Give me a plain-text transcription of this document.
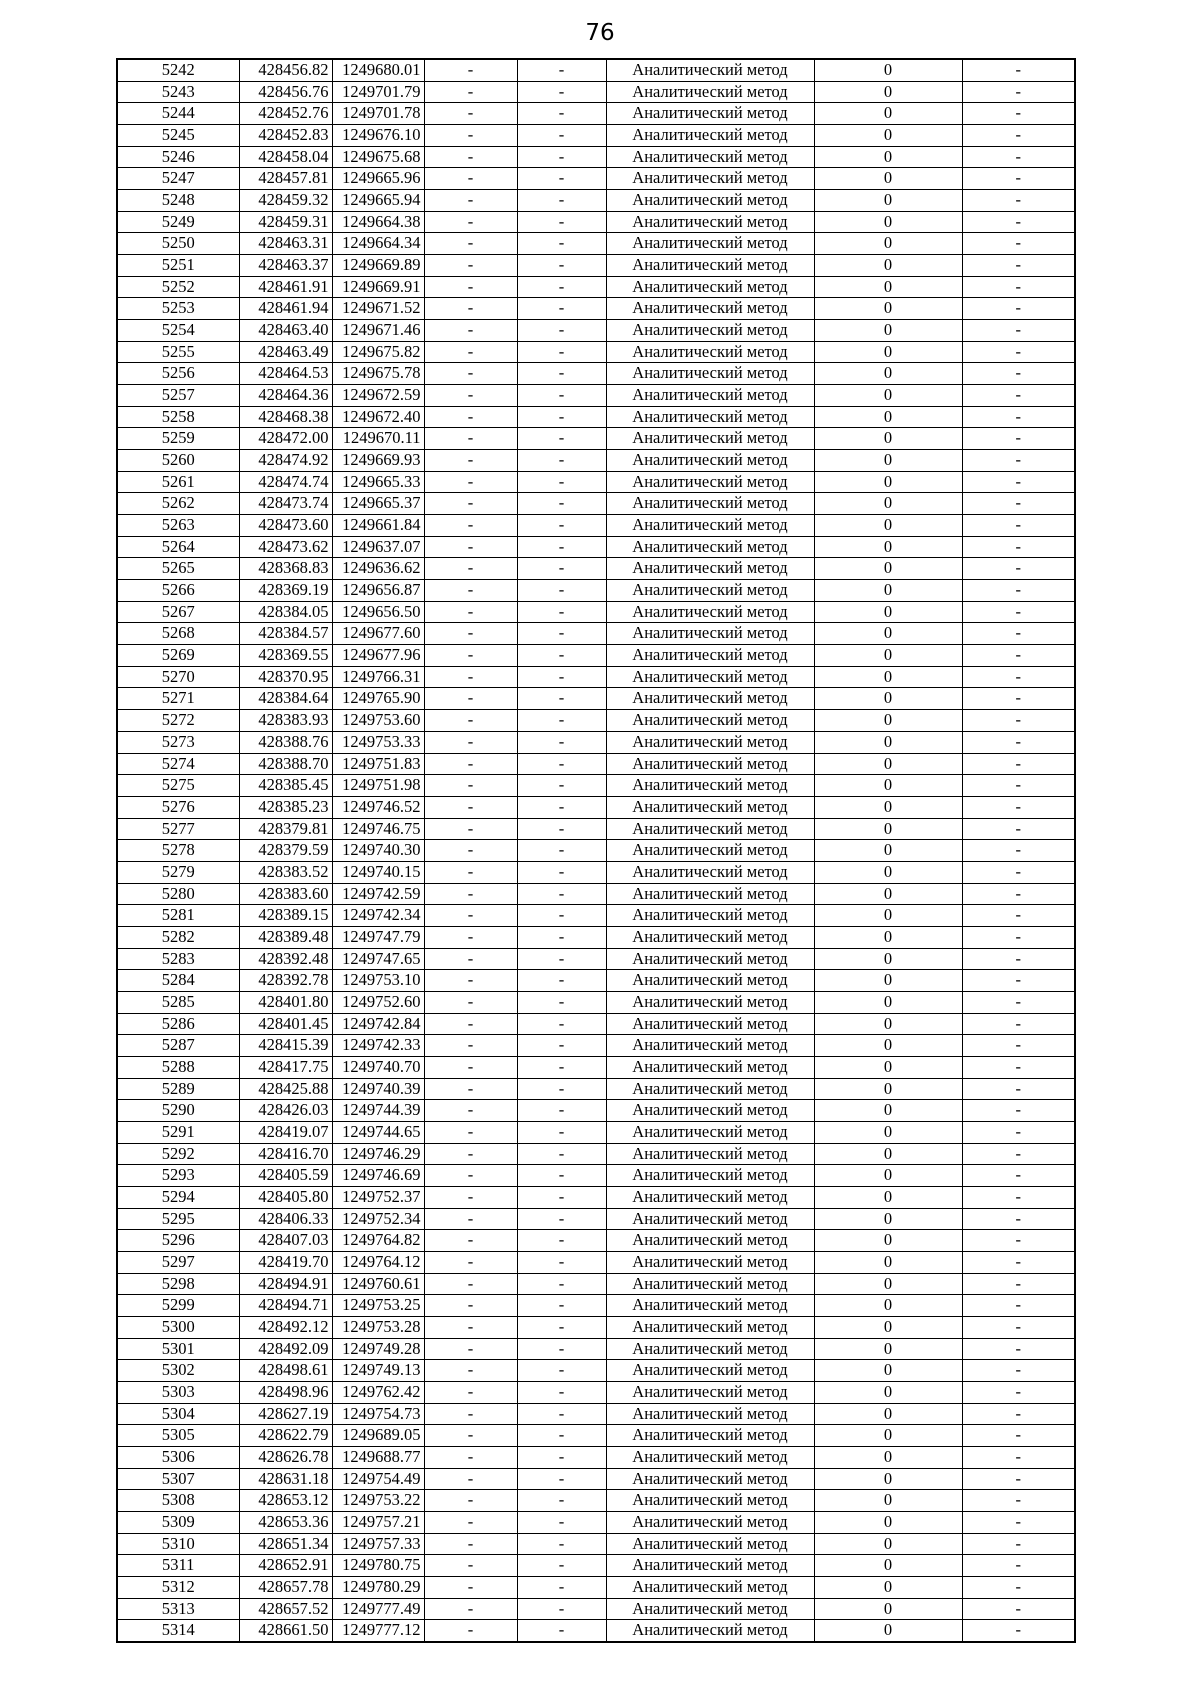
76
5242	428456.82	1249680.01	-	-	Аналитический метод	0	-
5243	428456.76	1249701.79	-	-	Аналитический метод	0	-
5244	428452.76	1249701.78	-	-	Аналитический метод	0	-
5245	428452.83	1249676.10	-	-	Аналитический метод	0	-
5246	428458.04	1249675.68	-	-	Аналитический метод	0	-
5247	428457.81	1249665.96	-	-	Аналитический метод	0	-
5248	428459.32	1249665.94	-	-	Аналитический метод	0	-
5249	428459.31	1249664.38	-	-	Аналитический метод	0	-
5250	428463.31	1249664.34	-	-	Аналитический метод	0	-
5251	428463.37	1249669.89	-	-	Аналитический метод	0	-
5252	428461.91	1249669.91	-	-	Аналитический метод	0	-
5253	428461.94	1249671.52	-	-	Аналитический метод	0	-
5254	428463.40	1249671.46	-	-	Аналитический метод	0	-
5255	428463.49	1249675.82	-	-	Аналитический метод	0	-
5256	428464.53	1249675.78	-	-	Аналитический метод	0	-
5257	428464.36	1249672.59	-	-	Аналитический метод	0	-
5258	428468.38	1249672.40	-	-	Аналитический метод	0	-
5259	428472.00	1249670.11	-	-	Аналитический метод	0	-
5260	428474.92	1249669.93	-	-	Аналитический метод	0	-
5261	428474.74	1249665.33	-	-	Аналитический метод	0	-
5262	428473.74	1249665.37	-	-	Аналитический метод	0	-
5263	428473.60	1249661.84	-	-	Аналитический метод	0	-
5264	428473.62	1249637.07	-	-	Аналитический метод	0	-
5265	428368.83	1249636.62	-	-	Аналитический метод	0	-
5266	428369.19	1249656.87	-	-	Аналитический метод	0	-
5267	428384.05	1249656.50	-	-	Аналитический метод	0	-
5268	428384.57	1249677.60	-	-	Аналитический метод	0	-
5269	428369.55	1249677.96	-	-	Аналитический метод	0	-
5270	428370.95	1249766.31	-	-	Аналитический метод	0	-
5271	428384.64	1249765.90	-	-	Аналитический метод	0	-
5272	428383.93	1249753.60	-	-	Аналитический метод	0	-
5273	428388.76	1249753.33	-	-	Аналитический метод	0	-
5274	428388.70	1249751.83	-	-	Аналитический метод	0	-
5275	428385.45	1249751.98	-	-	Аналитический метод	0	-
5276	428385.23	1249746.52	-	-	Аналитический метод	0	-
5277	428379.81	1249746.75	-	-	Аналитический метод	0	-
5278	428379.59	1249740.30	-	-	Аналитический метод	0	-
5279	428383.52	1249740.15	-	-	Аналитический метод	0	-
5280	428383.60	1249742.59	-	-	Аналитический метод	0	-
5281	428389.15	1249742.34	-	-	Аналитический метод	0	-
5282	428389.48	1249747.79	-	-	Аналитический метод	0	-
5283	428392.48	1249747.65	-	-	Аналитический метод	0	-
5284	428392.78	1249753.10	-	-	Аналитический метод	0	-
5285	428401.80	1249752.60	-	-	Аналитический метод	0	-
5286	428401.45	1249742.84	-	-	Аналитический метод	0	-
5287	428415.39	1249742.33	-	-	Аналитический метод	0	-
5288	428417.75	1249740.70	-	-	Аналитический метод	0	-
5289	428425.88	1249740.39	-	-	Аналитический метод	0	-
5290	428426.03	1249744.39	-	-	Аналитический метод	0	-
5291	428419.07	1249744.65	-	-	Аналитический метод	0	-
5292	428416.70	1249746.29	-	-	Аналитический метод	0	-
5293	428405.59	1249746.69	-	-	Аналитический метод	0	-
5294	428405.80	1249752.37	-	-	Аналитический метод	0	-
5295	428406.33	1249752.34	-	-	Аналитический метод	0	-
5296	428407.03	1249764.82	-	-	Аналитический метод	0	-
5297	428419.70	1249764.12	-	-	Аналитический метод	0	-
5298	428494.91	1249760.61	-	-	Аналитический метод	0	-
5299	428494.71	1249753.25	-	-	Аналитический метод	0	-
5300	428492.12	1249753.28	-	-	Аналитический метод	0	-
5301	428492.09	1249749.28	-	-	Аналитический метод	0	-
5302	428498.61	1249749.13	-	-	Аналитический метод	0	-
5303	428498.96	1249762.42	-	-	Аналитический метод	0	-
5304	428627.19	1249754.73	-	-	Аналитический метод	0	-
5305	428622.79	1249689.05	-	-	Аналитический метод	0	-
5306	428626.78	1249688.77	-	-	Аналитический метод	0	-
5307	428631.18	1249754.49	-	-	Аналитический метод	0	-
5308	428653.12	1249753.22	-	-	Аналитический метод	0	-
5309	428653.36	1249757.21	-	-	Аналитический метод	0	-
5310	428651.34	1249757.33	-	-	Аналитический метод	0	-
5311	428652.91	1249780.75	-	-	Аналитический метод	0	-
5312	428657.78	1249780.29	-	-	Аналитический метод	0	-
5313	428657.52	1249777.49	-	-	Аналитический метод	0	-
5314	428661.50	1249777.12	-	-	Аналитический метод	0	-
